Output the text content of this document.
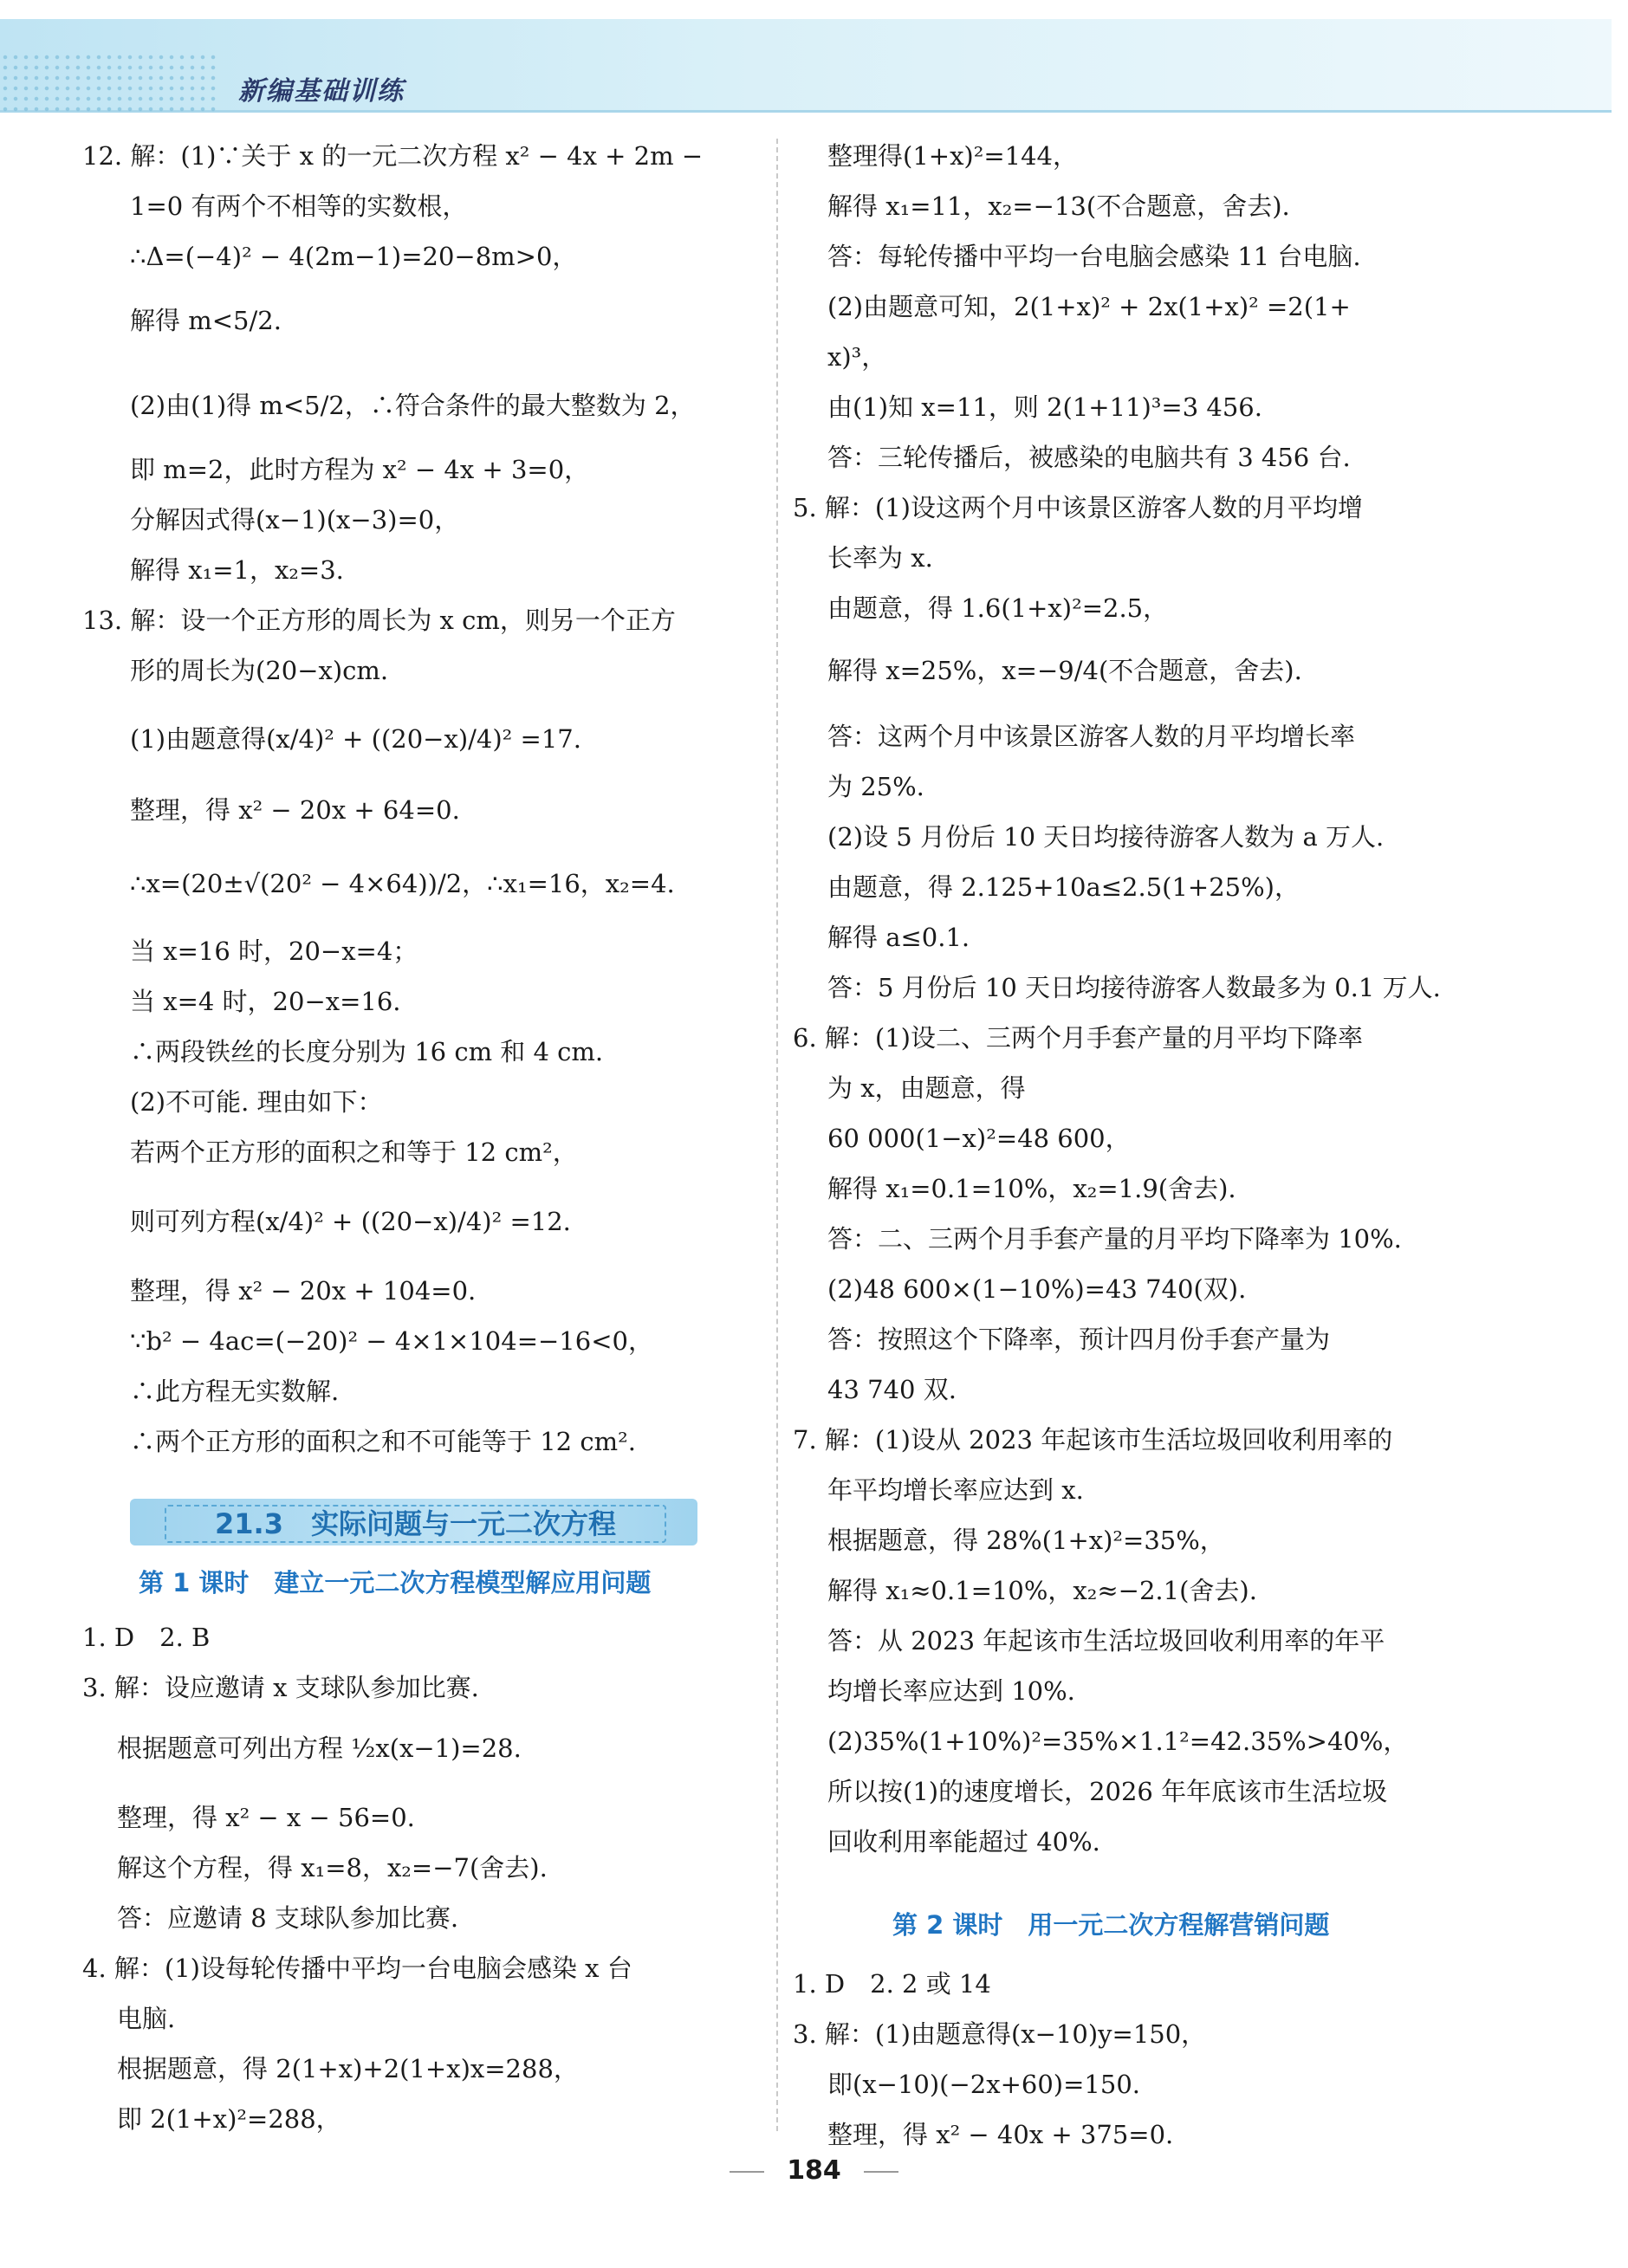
新编基础训练
12. 解：(1)∵关于 x 的一元二次方程 x² − 4x + 2m −
1=0 有两个不相等的实数根，
∴Δ=(−4)² − 4(2m−1)=20−8m>0，
解得 m<5/2.
(2)由(1)得 m<5/2，∴符合条件的最大整数为 2，
即 m=2，此时方程为 x² − 4x + 3=0，
分解因式得(x−1)(x−3)=0，
解得 x₁=1，x₂=3.
13. 解：设一个正方形的周长为 x cm，则另一个正方
形的周长为(20−x)cm.
(1)由题意得(x/4)² + ((20−x)/4)² =17.
整理，得 x² − 20x + 64=0.
∴x=(20±√(20² − 4×64))/2，∴x₁=16，x₂=4.
当 x=16 时，20−x=4；
当 x=4 时，20−x=16.
∴两段铁丝的长度分别为 16 cm 和 4 cm.
(2)不可能. 理由如下：
若两个正方形的面积之和等于 12 cm²，
则可列方程(x/4)² + ((20−x)/4)² =12.
整理，得 x² − 20x + 104=0.
∵b² − 4ac=(−20)² − 4×1×104=−16<0，
∴此方程无实数解.
∴两个正方形的面积之和不可能等于 12 cm².
21.3　实际问题与一元二次方程
第 1 课时　建立一元二次方程模型解应用问题
1. D　2. B
3. 解：设应邀请 x 支球队参加比赛.
根据题意可列出方程 ½x(x−1)=28.
整理，得 x² − x − 56=0.
解这个方程，得 x₁=8，x₂=−7(舍去).
答：应邀请 8 支球队参加比赛.
4. 解：(1)设每轮传播中平均一台电脑会感染 x 台
电脑.
根据题意，得 2(1+x)+2(1+x)x=288，
即 2(1+x)²=288，
整理得(1+x)²=144，
解得 x₁=11，x₂=−13(不合题意，舍去).
答：每轮传播中平均一台电脑会感染 11 台电脑.
(2)由题意可知，2(1+x)² + 2x(1+x)² =2(1+
x)³，
由(1)知 x=11，则 2(1+11)³=3 456.
答：三轮传播后，被感染的电脑共有 3 456 台.
5. 解：(1)设这两个月中该景区游客人数的月平均增
长率为 x.
由题意，得 1.6(1+x)²=2.5，
解得 x=25%，x=−9/4(不合题意，舍去).
答：这两个月中该景区游客人数的月平均增长率
为 25%.
(2)设 5 月份后 10 天日均接待游客人数为 a 万人.
由题意，得 2.125+10a≤2.5(1+25%)，
解得 a≤0.1.
答：5 月份后 10 天日均接待游客人数最多为 0.1 万人.
6. 解：(1)设二、三两个月手套产量的月平均下降率
为 x，由题意，得
60 000(1−x)²=48 600，
解得 x₁=0.1=10%，x₂=1.9(舍去).
答：二、三两个月手套产量的月平均下降率为 10%.
(2)48 600×(1−10%)=43 740(双).
答：按照这个下降率，预计四月份手套产量为
43 740 双.
7. 解：(1)设从 2023 年起该市生活垃圾回收利用率的
年平均增长率应达到 x.
根据题意，得 28%(1+x)²=35%，
解得 x₁≈0.1=10%，x₂≈−2.1(舍去).
答：从 2023 年起该市生活垃圾回收利用率的年平
均增长率应达到 10%.
(2)35%(1+10%)²=35%×1.1²=42.35%>40%，
所以按(1)的速度增长，2026 年年底该市生活垃圾
回收利用率能超过 40%.
第 2 课时　用一元二次方程解营销问题
1. D　2. 2 或 14
3. 解：(1)由题意得(x−10)y=150，
即(x−10)(−2x+60)=150.
整理，得 x² − 40x + 375=0.
184
